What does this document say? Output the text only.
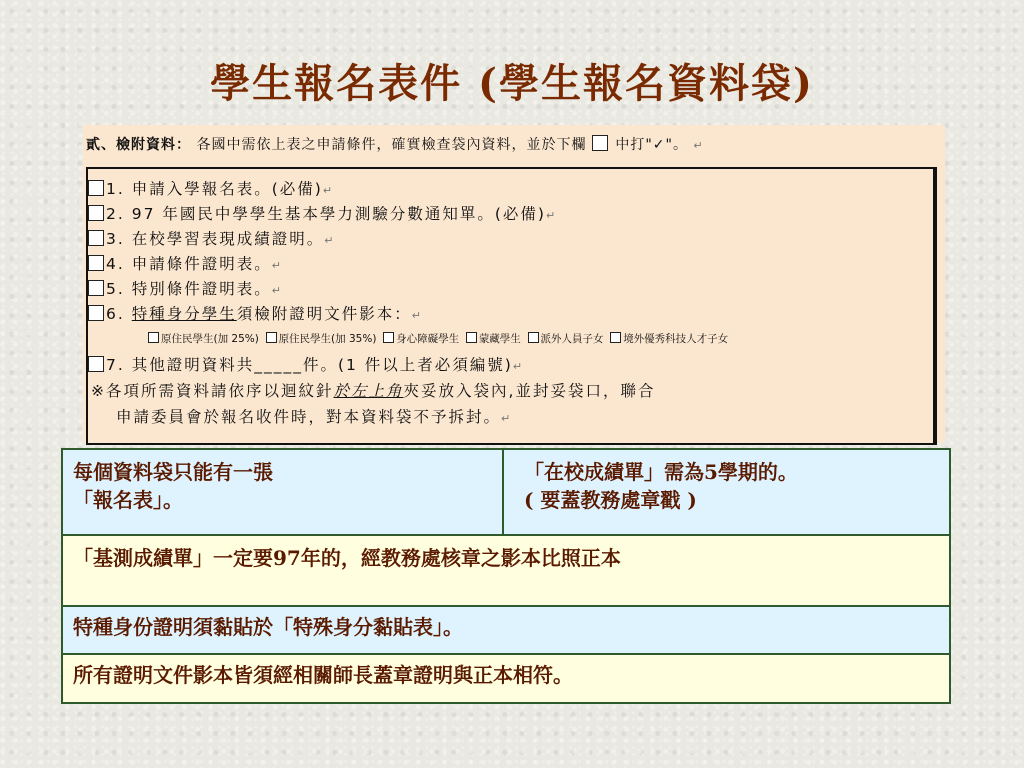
學生報名表件 (學生報名資料袋)
貳、檢附資料： 各國中需依上表之申請條件，確實檢查袋內資料，並於下欄 中打"✓"。 ↵
1. 申請入學報名表。(必備)↵
2. 97 年國民中學學生基本學力測驗分數通知單。(必備)↵
3. 在校學習表現成績證明。↵
4. 申請條件證明表。↵
5. 特別條件證明表。↵
6. 特種身分學生須檢附證明文件影本：↵
原住民學生(加 25%) 原住民學生(加 35%) 身心障礙學生 蒙藏學生 派外人員子女 境外優秀科技人才子女
7. 其他證明資料共_____件。(1 件以上者必須編號)↵
※各項所需資料請依序以迴紋針於左上角夾妥放入袋內,並封妥袋口，聯合
申請委員會於報名收件時，對本資料袋不予拆封。↵
每個資料袋只能有一張
「報名表」。
「在校成績單」需為5學期的。
( 要蓋教務處章戳 )
「基測成績單」一定要97年的，經教務處核章之影本比照正本
特種身份證明須黏貼於「特殊身分黏貼表」。
所有證明文件影本皆須經相關師長蓋章證明與正本相符。
